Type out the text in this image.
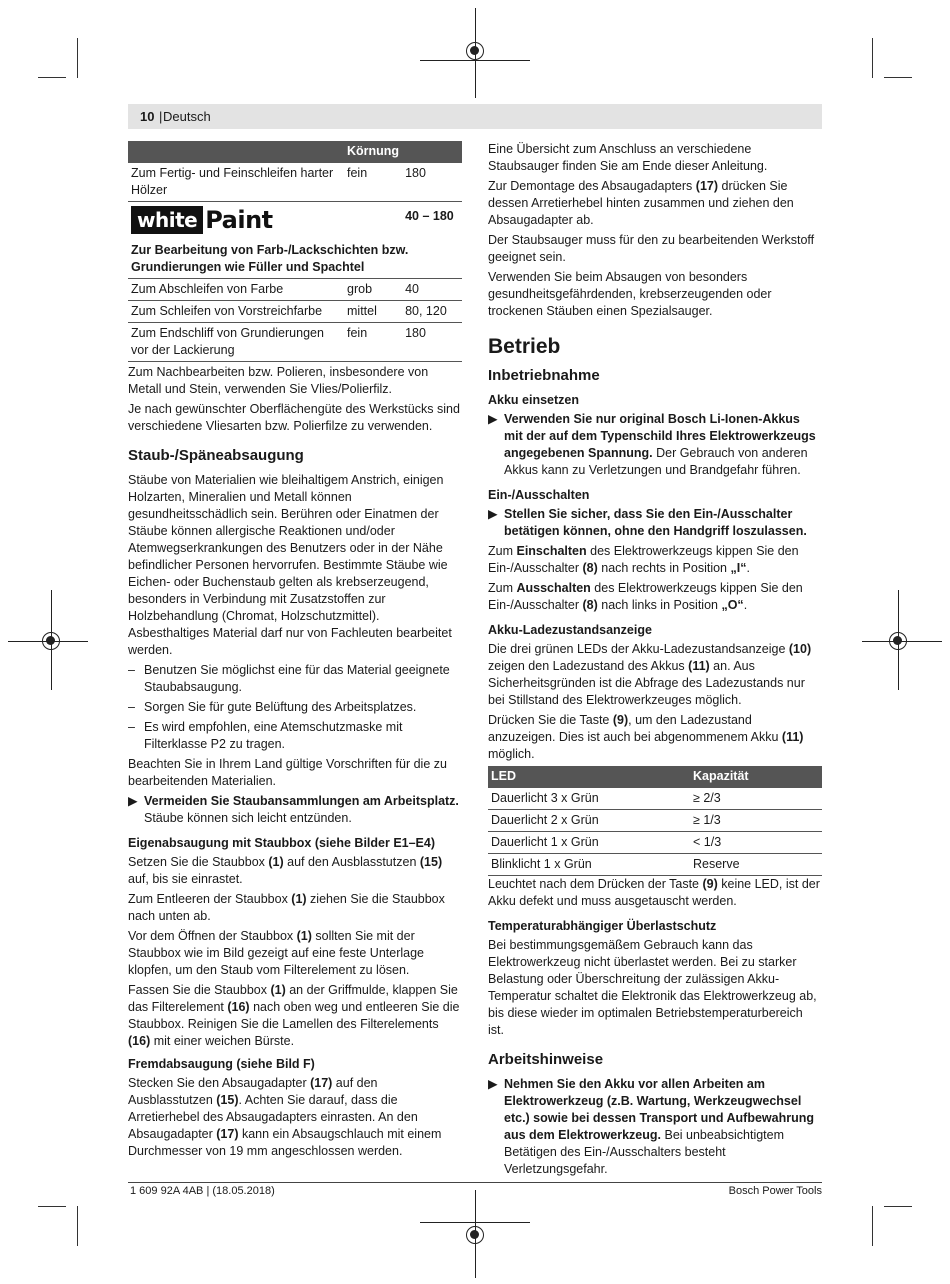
10 | Deutsch
	Körnung	
Zum Fertig- und Feinschleifen harter Hölzer	fein	180

white Paint		40 – 180
Zur Bearbeitung von Farb-/Lackschichten bzw. Grundierungen wie Füller und Spachtel		
Zum Abschleifen von Farbe	grob	40
Zum Schleifen von Vorstreichfarbe	mittel	80, 120
Zum Endschliff von Grundierungen vor der Lackierung	fein	180

Zum Nachbearbeiten bzw. Polieren, insbesondere von Metall und Stein, verwenden Sie Vlies/Polierfilz.

Je nach gewünschter Oberflächengüte des Werkstücks sind verschiedene Vliesarten bzw. Polierfilze zu verwenden.

Staub-/Späneabsaugung

Stäube von Materialien wie bleihaltigem Anstrich, einigen Holzarten, Mineralien und Metall können gesundheitsschädlich sein. Berühren oder Einatmen der Stäube können allergische Reaktionen und/oder Atemwegserkrankungen des Benutzers oder in der Nähe befindlicher Personen hervorrufen. Bestimmte Stäube wie Eichen- oder Buchenstaub gelten als krebserzeugend, besonders in Verbindung mit Zusatzstoffen zur Holzbehandlung (Chromat, Holzschutzmittel). Asbesthaltiges Material darf nur von Fachleuten bearbeitet werden.

– Benutzen Sie möglichst eine für das Material geeignete Staubabsaugung.
– Sorgen Sie für gute Belüftung des Arbeitsplatzes.
– Es wird empfohlen, eine Atemschutzmaske mit Filterklasse P2 zu tragen.

Beachten Sie in Ihrem Land gültige Vorschriften für die zu bearbeitenden Materialien.

▶ Vermeiden Sie Staubansammlungen am Arbeitsplatz. Stäube können sich leicht entzünden.
Eigenabsaugung mit Staubbox (siehe Bilder E1–E4)

Setzen Sie die Staubbox (1) auf den Ausblasstutzen (15) auf, bis sie einrastet.

Zum Entleeren der Staubbox (1) ziehen Sie die Staubbox nach unten ab.

Vor dem Öffnen der Staubbox (1) sollten Sie mit der Staubbox wie im Bild gezeigt auf eine feste Unterlage klopfen, um den Staub vom Filterelement zu lösen.

Fassen Sie die Staubbox (1) an der Griffmulde, klappen Sie das Filterelement (16) nach oben weg und entleeren Sie die Staubbox. Reinigen Sie die Lamellen des Filterelements (16) mit einer weichen Bürste.

Fremdabsaugung (siehe Bild F)

Stecken Sie den Absaugadapter (17) auf den Ausblasstutzen (15). Achten Sie darauf, dass die Arretierhebel des Absaugadapters einrasten. An den Absaugadapter (17) kann ein Absaugschlauch mit einem Durchmesser von 19 mm angeschlossen werden.

Eine Übersicht zum Anschluss an verschiedene Staubsauger finden Sie am Ende dieser Anleitung.

Zur Demontage des Absaugadapters (17) drücken Sie dessen Arretierhebel hinten zusammen und ziehen den Absaugadapter ab.

Der Staubsauger muss für den zu bearbeitenden Werkstoff geeignet sein.

Verwenden Sie beim Absaugen von besonders gesundheitsgefährdenden, krebserzeugenden oder trockenen Stäuben einen Spezialsauger.

Betrieb
Inbetriebnahme
Akku einsetzen
▶ Verwenden Sie nur original Bosch Li-Ionen-Akkus mit der auf dem Typenschild Ihres Elektrowerkzeugs angegebenen Spannung. Der Gebrauch von anderen Akkus kann zu Verletzungen und Brandgefahr führen.
Ein-/Ausschalten
▶ Stellen Sie sicher, dass Sie den Ein-/Ausschalter betätigen können, ohne den Handgriff loszulassen.

Zum Einschalten des Elektrowerkzeugs kippen Sie den Ein-/Ausschalter (8) nach rechts in Position „I“.

Zum Ausschalten des Elektrowerkzeugs kippen Sie den Ein-/Ausschalter (8) nach links in Position „O“.

Akku-Ladezustandsanzeige

Die drei grünen LEDs der Akku-Ladezustandsanzeige (10) zeigen den Ladezustand des Akkus (11) an. Aus Sicherheitsgründen ist die Abfrage des Ladezustands nur bei Stillstand des Elektrowerkzeuges möglich.

Drücken Sie die Taste (9), um den Ladezustand anzuzeigen. Dies ist auch bei abgenommenem Akku (11) möglich.

LED	Kapazität
Dauerlicht 3 x Grün	≥ 2/3
Dauerlicht 2 x Grün	≥ 1/3
Dauerlicht 1 x Grün	< 1/3
Blinklicht 1 x Grün	Reserve

Leuchtet nach dem Drücken der Taste (9) keine LED, ist der Akku defekt und muss ausgetauscht werden.

Temperaturabhängiger Überlastschutz

Bei bestimmungsgemäßem Gebrauch kann das Elektrowerkzeug nicht überlastet werden. Bei zu starker Belastung oder Überschreitung der zulässigen Akku-Temperatur schaltet die Elektronik das Elektrowerkzeug ab, bis diese wieder im optimalen Betriebstemperaturbereich ist.

Arbeitshinweise
▶ Nehmen Sie den Akku vor allen Arbeiten am Elektrowerkzeug (z.B. Wartung, Werkzeugwechsel etc.) sowie bei dessen Transport und Aufbewahrung aus dem Elektrowerkzeug. Bei unbeabsichtigtem Betätigen des Ein-/Ausschalters besteht Verletzungsgefahr.
1 609 92A 4AB | (18.05.2018)	Bosch Power Tools
